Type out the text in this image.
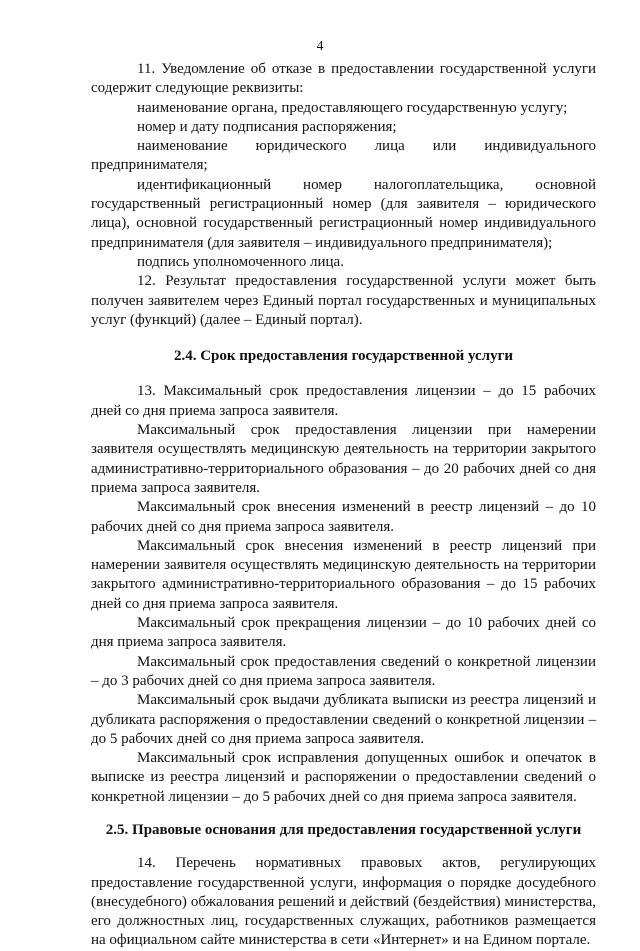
4

11. Уведомление об отказе в предоставлении государственной услуги содержит следующие реквизиты:

наименование органа, предоставляющего государственную услугу;

номер и дату подписания распоряжения;

наименование юридического лица или индивидуального предпринимателя;

идентификационный номер налогоплательщика, основной государственный регистрационный номер (для заявителя – юридического лица), основной государственный регистрационный номер индивидуального предпринимателя (для заявителя – индивидуального предпринимателя);

подпись уполномоченного лица.

12. Результат предоставления государственной услуги может быть получен заявителем через Единый портал государственных и муниципальных услуг (функций) (далее – Единый портал).

2.4. Срок предоставления государственной услуги

13. Максимальный срок предоставления лицензии – до 15 рабочих дней со дня приема запроса заявителя.

Максимальный срок предоставления лицензии при намерении заявителя осуществлять медицинскую деятельность на территории закрытого административно-территориального образования – до 20 рабочих дней со дня приема запроса заявителя.

Максимальный срок внесения изменений в реестр лицензий – до 10 рабочих дней со дня приема запроса заявителя.

Максимальный срок внесения изменений в реестр лицензий при намерении заявителя осуществлять медицинскую деятельность на территории закрытого административно-территориального образования – до 15 рабочих дней со дня приема запроса заявителя.

Максимальный срок прекращения лицензии – до 10 рабочих дней со дня приема запроса заявителя.

Максимальный срок предоставления сведений о конкретной лицензии – до 3 рабочих дней со дня приема запроса заявителя.

Максимальный срок выдачи дубликата выписки из реестра лицензий и дубликата распоряжения о предоставлении сведений о конкретной лицензии – до 5 рабочих дней со дня приема запроса заявителя.

Максимальный срок исправления допущенных ошибок и опечаток в выписке из реестра лицензий и распоряжении о предоставлении сведений о конкретной лицензии – до 5 рабочих дней со дня приема запроса заявителя.

2.5. Правовые основания для предоставления государственной услуги

14. Перечень нормативных правовых актов, регулирующих предоставление государственной услуги, информация о порядке досудебного (внесудебного) обжалования решений и действий (бездействия) министерства, его должностных лиц, государственных служащих, работников размещается на официальном сайте министерства в сети «Интернет» и на Едином портале.
